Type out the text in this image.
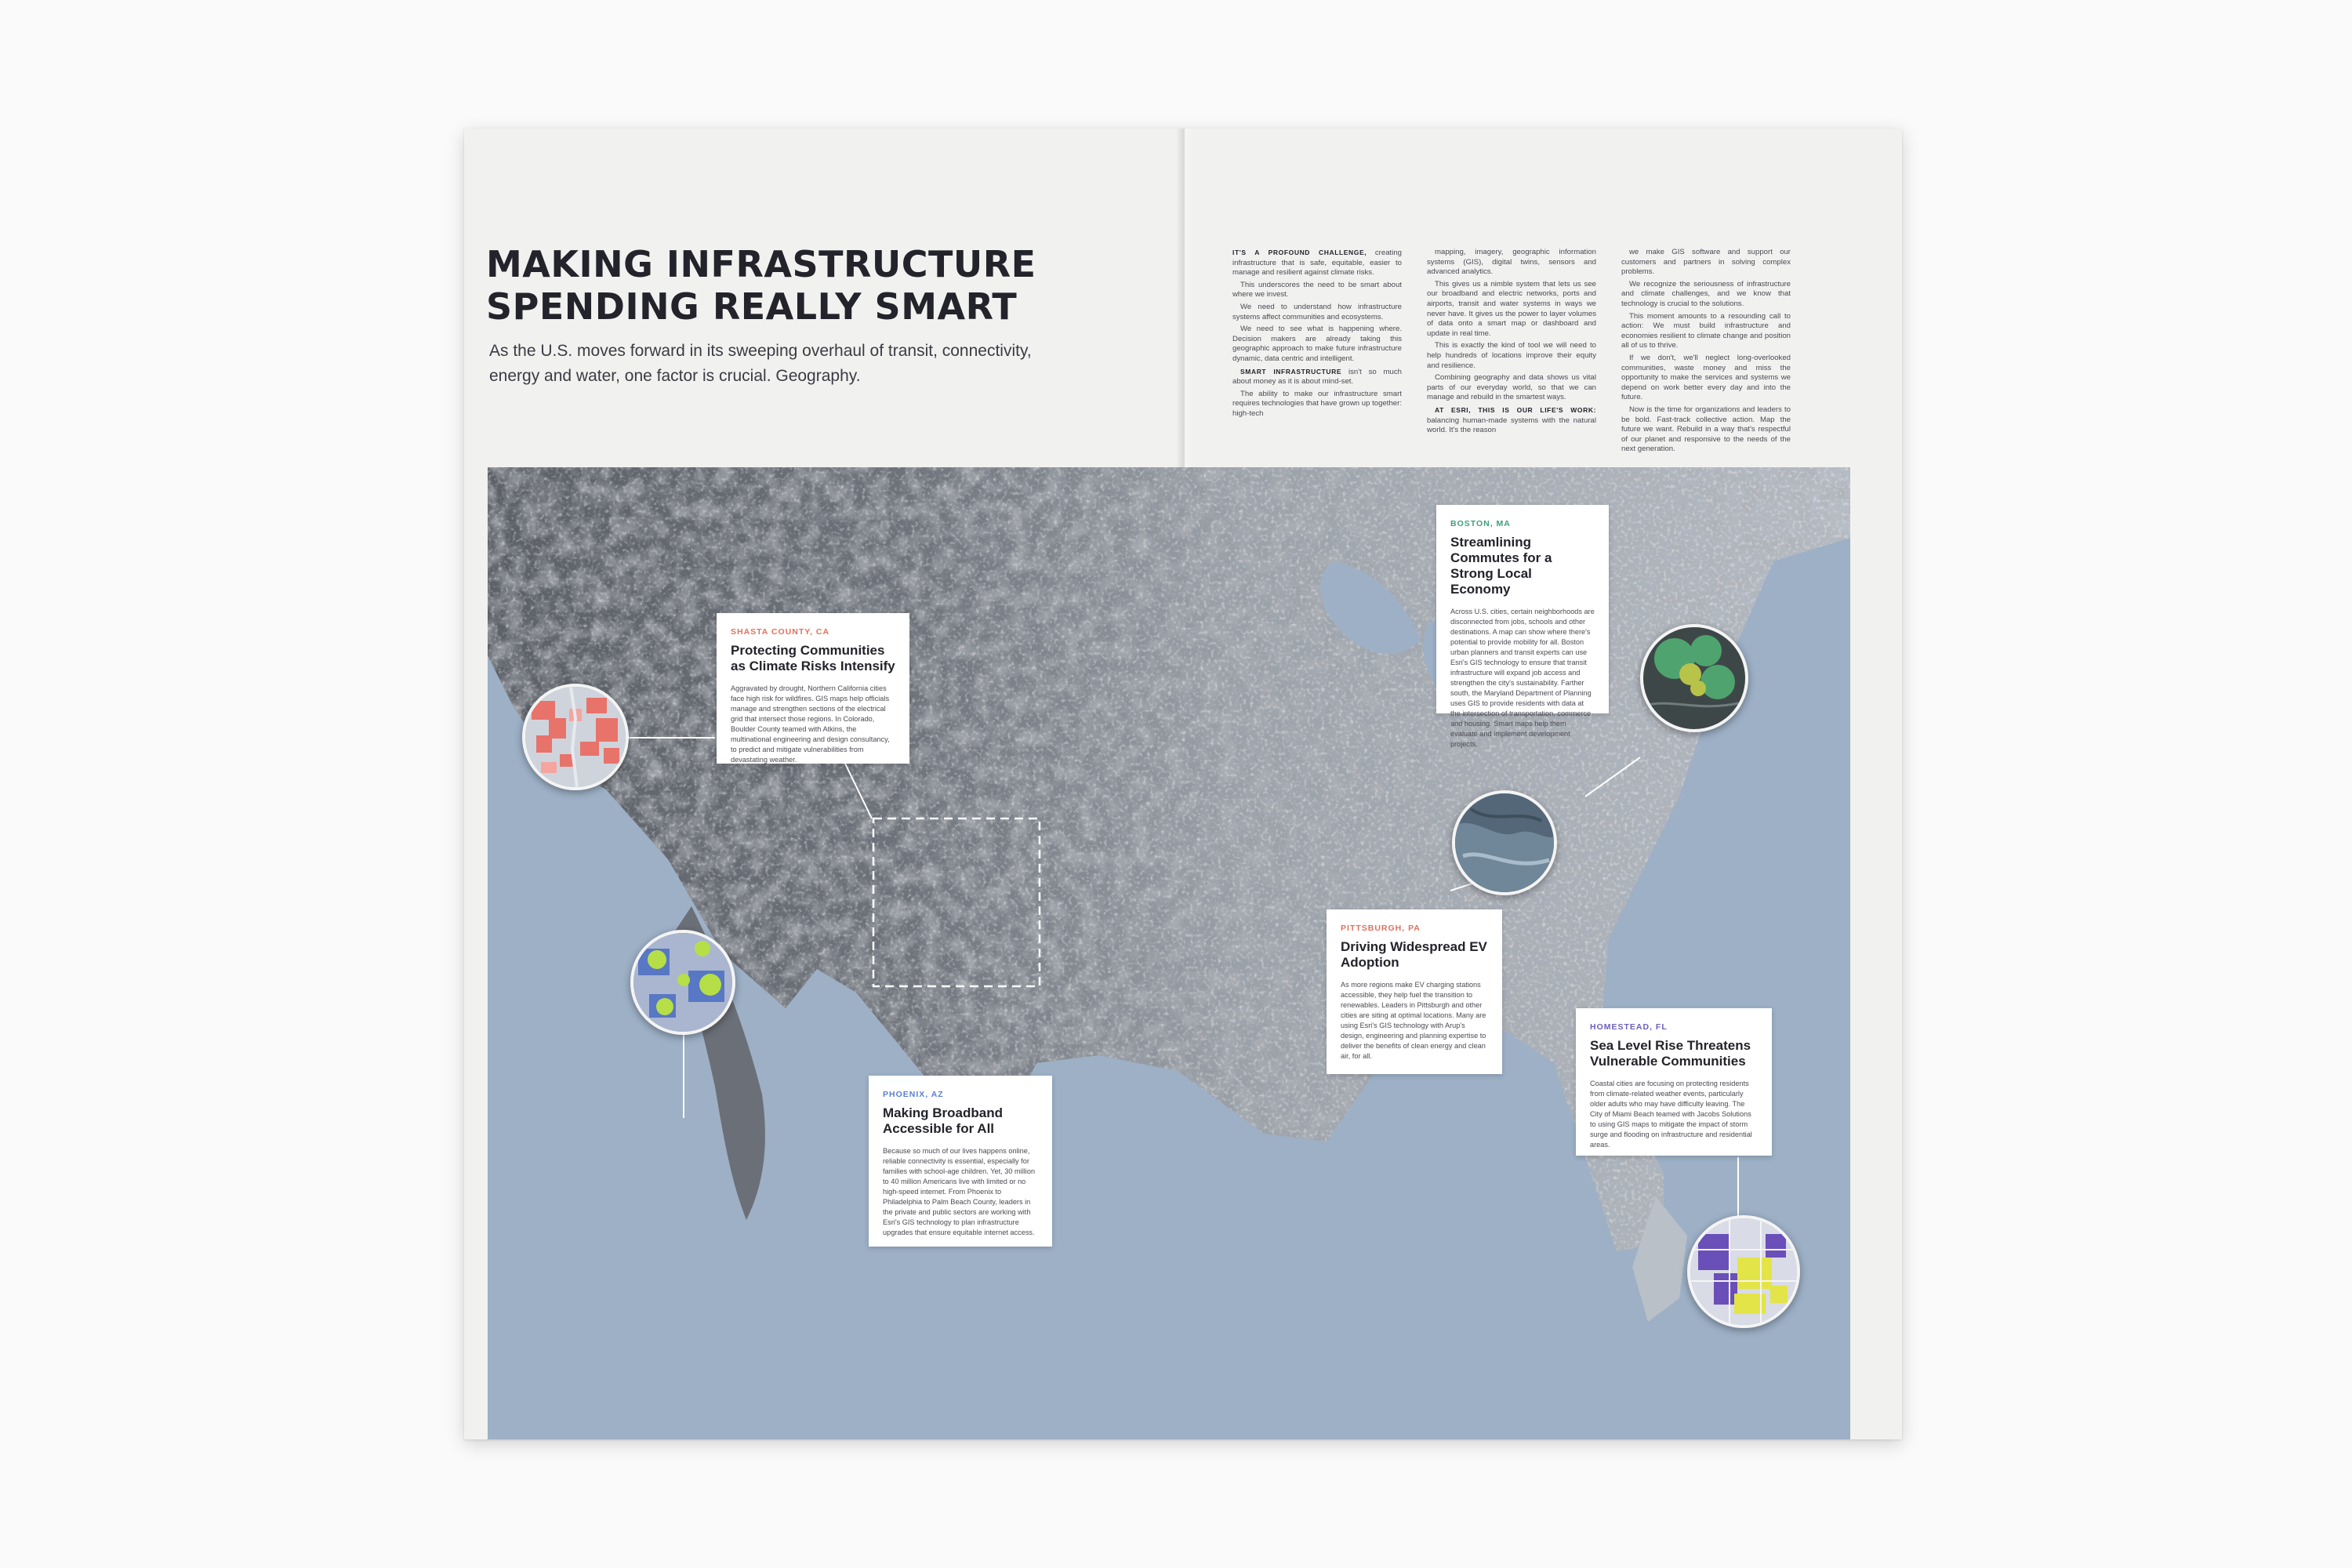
MAKING INFRASTRUCTURE
SPENDING REALLY SMART

As the U.S. moves forward in its sweeping overhaul of transit, connectivity, energy and water, one factor is crucial. Geography.

IT'S A PROFOUND CHALLENGE, creating infrastructure that is safe, equitable, easier to manage and resilient against climate risks.

This underscores the need to be smart about where we invest.

We need to understand how infrastructure systems affect communities and ecosystems.

We need to see what is happening where. Decision makers are already taking this geographic approach to make future infrastructure dynamic, data centric and intelligent.

SMART INFRASTRUCTURE isn't so much about money as it is about mind-set.

The ability to make our infrastructure smart requires technologies that have grown up together: high-tech

mapping, imagery, geographic information systems (GIS), digital twins, sensors and advanced analytics.

This gives us a nimble system that lets us see our broadband and electric networks, ports and airports, transit and water systems in ways we never have. It gives us the power to layer volumes of data onto a smart map or dashboard and update in real time.

This is exactly the kind of tool we will need to help hundreds of locations improve their equity and resilience.

Combining geography and data shows us vital parts of our everyday world, so that we can manage and rebuild in the smartest ways.

AT ESRI, THIS IS OUR LIFE'S WORK: balancing human-made systems with the natural world. It's the reason

we make GIS software and support our customers and partners in solving complex problems.

We recognize the seriousness of infrastructure and climate challenges, and we know that technology is crucial to the solutions.

This moment amounts to a resounding call to action: We must build infrastructure and economies resilient to climate change and position all of us to thrive.

If we don't, we'll neglect long-overlooked communities, waste money and miss the opportunity to make the services and systems we depend on work better every day and into the future.

Now is the time for organizations and leaders to be bold. Fast-track collective action. Map the future we want. Rebuild in a way that's respectful of our planet and responsive to the needs of the next generation.

SHASTA COUNTY, CA

Protecting Communities as Climate Risks Intensify

Aggravated by drought, Northern California cities face high risk for wildfires. GIS maps help officials manage and strengthen sections of the electrical grid that intersect those regions. In Colorado, Boulder County teamed with Atkins, the multinational engineering and design consultancy, to predict and mitigate vulnerabilities from devastating weather.

BOSTON, MA

Streamlining Commutes for a Strong Local Economy

Across U.S. cities, certain neighborhoods are disconnected from jobs, schools and other destinations. A map can show where there's potential to provide mobility for all. Boston urban planners and transit experts can use Esri's GIS technology to ensure that transit infrastructure will expand job access and strengthen the city's sustainability. Farther south, the Maryland Department of Planning uses GIS to provide residents with data at the intersection of transportation, commerce and housing. Smart maps help them evaluate and implement development projects.

PITTSBURGH, PA

Driving Widespread EV Adoption

As more regions make EV charging stations accessible, they help fuel the transition to renewables. Leaders in Pittsburgh and other cities are siting at optimal locations. Many are using Esri's GIS technology with Arup's design, engineering and planning expertise to deliver the benefits of clean energy and clean air, for all.

PHOENIX, AZ

Making Broadband Accessible for All

Because so much of our lives happens online, reliable connectivity is essential, especially for families with school-age children. Yet, 30 million to 40 million Americans live with limited or no high-speed internet. From Phoenix to Philadelphia to Palm Beach County, leaders in the private and public sectors are working with Esri's GIS technology to plan infrastructure upgrades that ensure equitable internet access.

HOMESTEAD, FL

Sea Level Rise Threatens Vulnerable Communities

Coastal cities are focusing on protecting residents from climate-related weather events, particularly older adults who may have difficulty leaving. The City of Miami Beach teamed with Jacobs Solutions to using GIS maps to mitigate the impact of storm surge and flooding on infrastructure and residential areas.
